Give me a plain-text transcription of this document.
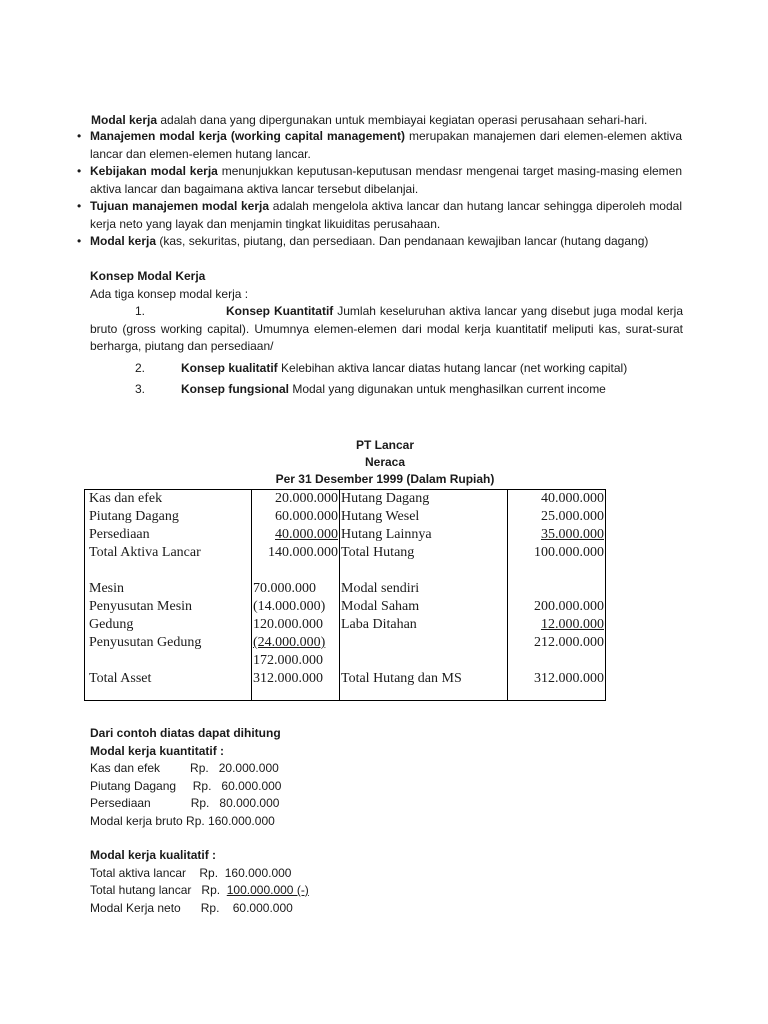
Modal kerja adalah dana yang dipergunakan untuk membiayai kegiatan operasi perusahaan sehari-hari.
• Manajemen modal kerja (working capital management) merupakan manajemen dari elemen-elemen aktiva lancar dan elemen-elemen hutang lancar.
• Kebijakan modal kerja menunjukkan keputusan-keputusan mendasr mengenai target masing-masing elemen aktiva lancar dan bagaimana aktiva lancar tersebut dibelanjai.
• Tujuan manajemen modal kerja adalah mengelola aktiva lancar dan hutang lancar sehingga diperoleh modal kerja neto yang layak dan menjamin tingkat likuiditas perusahaan.
• Modal kerja (kas, sekuritas, piutang, dan persediaan. Dan pendanaan kewajiban lancar (hutang dagang)
Konsep Modal Kerja
Ada tiga konsep modal kerja :
1.	Konsep Kuantitatif Jumlah keseluruhan aktiva lancar yang disebut juga modal kerja bruto (gross working capital). Umumnya elemen-elemen dari modal kerja kuantitatif meliputi kas, surat-surat berharga, piutang dan persediaan/
2.	Konsep kualitatif Kelebihan aktiva lancar diatas hutang lancar (net working capital)
3.	Konsep fungsional Modal yang digunakan untuk menghasilkan current income
PT Lancar
Neraca
Per 31 Desember 1999 (Dalam Rupiah)
Kas dan efek	20.000.000	Hutang Dagang	40.000.000
Piutang Dagang	60.000.000	Hutang Wesel	25.000.000
Persediaan	40.000.000	Hutang Lainnya	35.000.000
Total Aktiva Lancar	140.000.000	Total Hutang	100.000.000

Mesin	70.000.000	Modal sendiri	
Penyusutan Mesin	(14.000.000)	Modal Saham	200.000.000
Gedung	120.000.000	Laba Ditahan	12.000.000
Penyusutan Gedung	(24.000.000)		212.000.000
	172.000.000		
Total Asset	312.000.000	Total Hutang dan MS	312.000.000
Dari contoh diatas dapat dihitung
Modal kerja kuantitatif :
Kas dan efek         Rp.   20.000.000
Piutang Dagang     Rp.   60.000.000
Persediaan            Rp.   80.000.000
Modal kerja bruto Rp. 160.000.000
Modal kerja kualitatif :
Total aktiva lancar    Rp.  160.000.000
Total hutang lancar   Rp.  100.000.000 (-)
Modal Kerja neto      Rp.    60.000.000
